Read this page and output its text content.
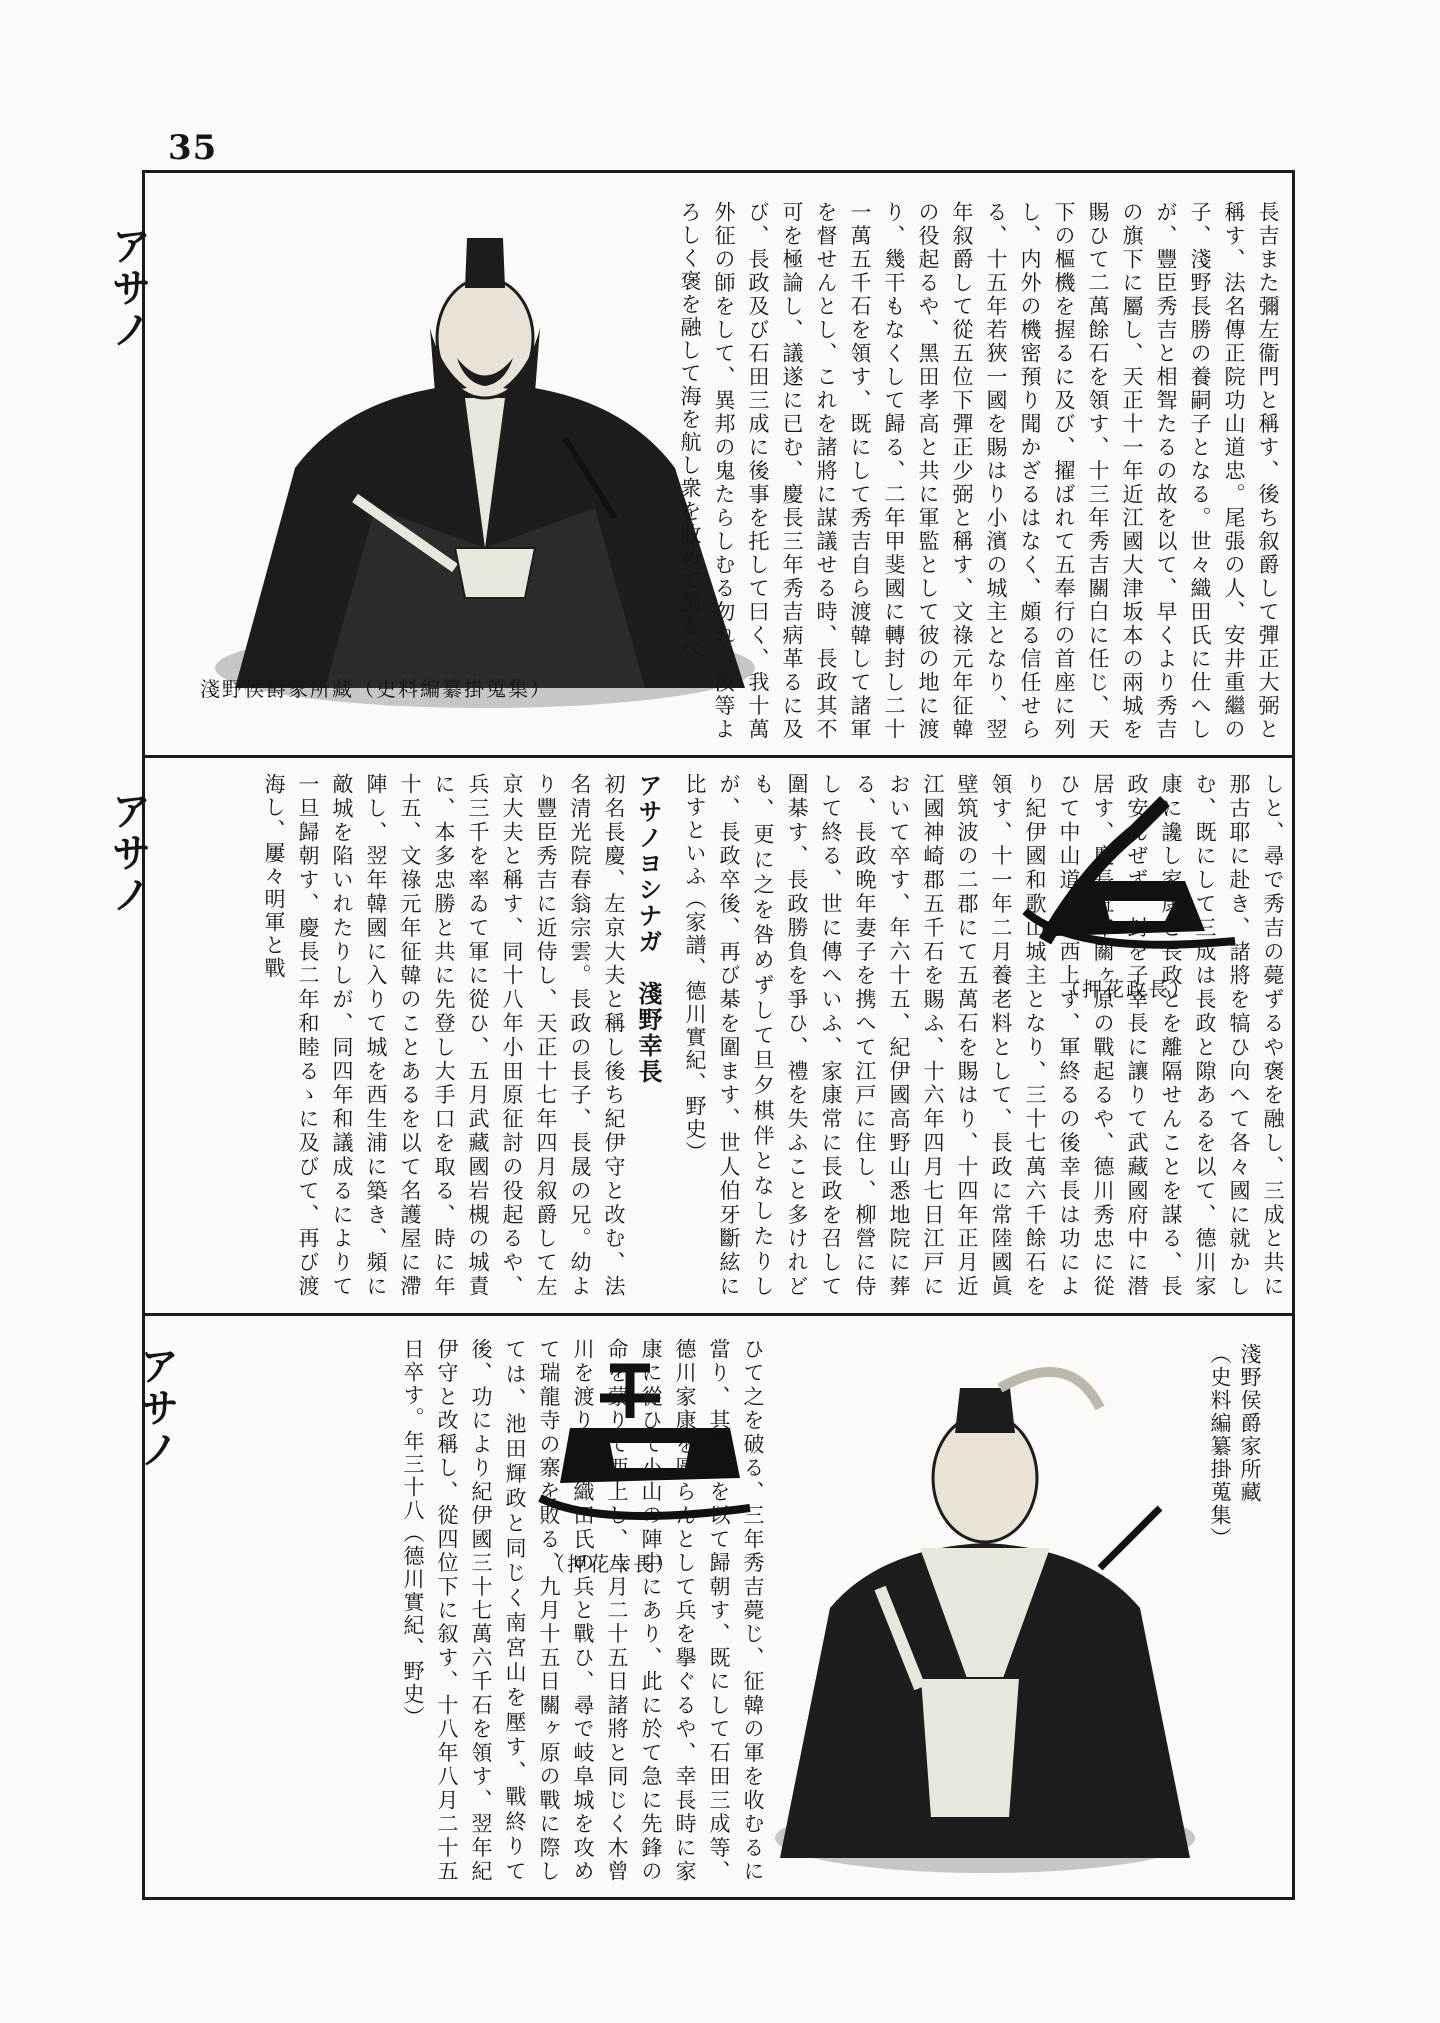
35
淺野侯爵家所藏（史料編纂掛蒐集）	長吉また彌左衞門と稱す、後ち叙爵して彈正大弼と稱す、法名傳正院功山道忠。尾張の人、安井重繼の子、淺野長勝の養嗣子となる。世々織田氏に仕へしが、豐臣秀吉と相聟たるの故を以て、早くより秀吉の旗下に屬し、天正十一年近江國大津坂本の兩城を賜ひて二萬餘石を領す、十三年秀吉關白に任じ、天下の樞機を握るに及び、擢ばれて五奉行の首座に列し、内外の機密預り聞かざるはなく、頗る信任せらる、十五年若狹一國を賜はり小濱の城主となり、翌年叙爵して從五位下彈正少弼と稱す、文祿元年征韓の役起るや、黑田孝高と共に軍監として彼の地に渡り、幾干もなくして歸る、二年甲斐國に轉封し二十一萬五千石を領す、既にして秀吉自ら渡韓して諸軍を督せんとし、これを諸將に謀議せる時、長政其不可を極論し、議遂に已む、慶長三年秀吉病革るに及び、長政及び石田三成に後事を托して曰く、我十萬外征の師をして、異邦の鬼たらしむる勿れ、汝等よろしく褒を融して海を航し衆を收めて歸るべ
（押花政長）	しと、尋で秀吉の薨ずるや褒を融し、三成と共に那古耶に赴き、諸將を犒ひ向へて各々國に就かしむ、既にして三成は長政と隙あるを以て、德川家康に讒し家康と長政とを離隔せんことを謀る、長政安んぜず、封を子幸長に讓りて武藏國府中に潜居す、慶長五年關ヶ原の戰起るや、德川秀忠に從ひて中山道より西上す、軍終るの後幸長は功により紀伊國和歌山城主となり、三十七萬六千餘石を領す、十一年二月養老料として、長政に常陸國眞壁筑波の二郡にて五萬石を賜はり、十四年正月近江國神崎郡五千石を賜ふ、十六年四月七日江戸において卒す、年六十五、紀伊國高野山悉地院に葬る、長政晩年妻子を携へて江戸に住し、柳營に侍して終る、世に傳へいふ、家康常に長政を召して圍棊す、長政勝負を爭ひ、禮を失ふこと多けれども、更に之を咎めずして旦夕棋伴となしたりしが、長政卒後、再び棊を圍ます、世人伯牙斷絃に比すといふ（家譜、德川實紀、野史）
アサノヨシナガ　淺野幸長
初名長慶、左京大夫と稱し後ち紀伊守と改む、法名清光院春翁宗雲。長政の長子、長晟の兄。幼より豐臣秀吉に近侍し、天正十七年四月叙爵して左京大夫と稱す、同十八年小田原征討の役起るや、兵三千を率ゐて軍に從ひ、五月武藏國岩槻の城責に、本多忠勝と共に先登し大手口を取る、時に年十五、文祿元年征韓のことあるを以て名護屋に滯陣し、翌年韓國に入りて城を西生浦に築き、頻に敵城を陷いれたりしが、同四年和議成るによりて一旦歸朝す、慶長二年和睦るゝに及びて、再び渡海し、屢々明軍と戰
淺野侯爵家所藏
（史料編纂掛蒐集）
（押花幸長）	ひて之を破る、三年秀吉薨じ、征韓の軍を收むるに當り、其十月を以て歸朝す、既にして石田三成等、德川家康を圖らんとして兵を擧ぐるや、幸長時に家康に從ひて小山の陣中にあり、此に於て急に先鋒の命を蒙りて西上し、八月二十五日諸將と同じく木曾川を渡りて、織田氏の兵と戰ひ、尋で岐阜城を攻めて瑞龍寺の寨を敗る、九月十五日關ヶ原の戰に際しては、池田輝政と同じく南宮山を壓す、戰終りて後、功により紀伊國三十七萬六千石を領す、翌年紀伊守と改稱し、從四位下に叙す、十八年八月二十五日卒す。年三十八（德川實紀、野史）
アサノ
アサノ
アサノ
